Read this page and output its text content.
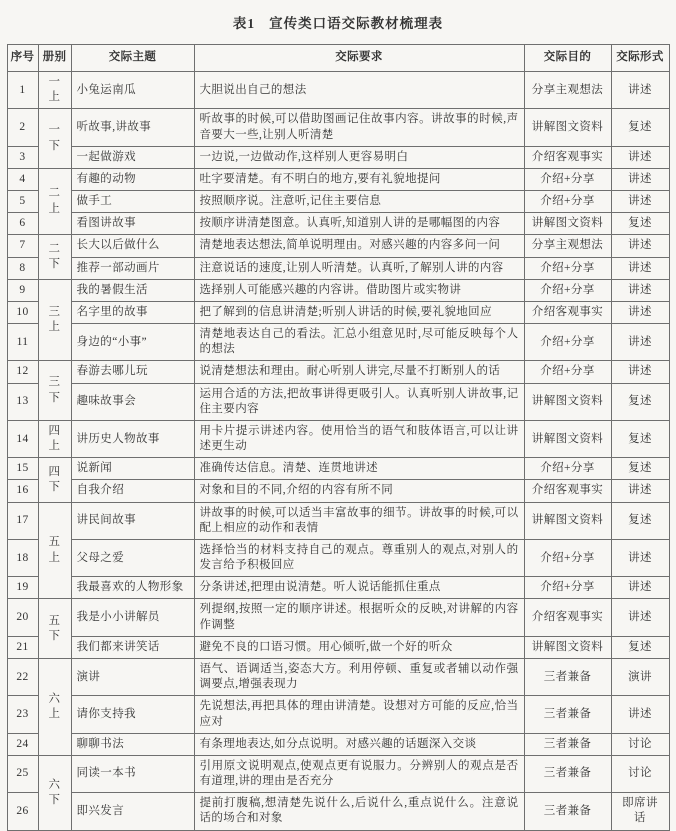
表1 宣传类口语交际教材梳理表
序号	册别	交际主题	交际要求	交际目的	交际形式
1	一上	小兔运南瓜	大胆说出自己的想法	分享主观想法	讲述
2	一下	听故事,讲故事	听故事的时候,可以借助图画记住故事内容。讲故事的时候,声音要大一些,让别人听清楚	讲解图文资料	复述
3		一起做游戏	一边说,一边做动作,这样别人更容易明白	介绍客观事实	讲述
4	二上	有趣的动物	吐字要清楚。有不明白的地方,要有礼貌地提问	介绍+分享	讲述
5		做手工	按照顺序说。注意听,记住主要信息	介绍+分享	讲述
6		看图讲故事	按顺序讲清楚图意。认真听,知道别人讲的是哪幅图的内容	讲解图文资料	复述
7	二下	长大以后做什么	清楚地表达想法,简单说明理由。对感兴趣的内容多问一问	分享主观想法	讲述
8		推荐一部动画片	注意说话的速度,让别人听清楚。认真听,了解别人讲的内容	介绍+分享	讲述
9	三上	我的暑假生活	选择别人可能感兴趣的内容讲。借助图片或实物讲	介绍+分享	讲述
10		名字里的故事	把了解到的信息讲清楚;听别人讲话的时候,要礼貌地回应	介绍客观事实	讲述
11		身边的“小事”	清楚地表达自己的看法。汇总小组意见时,尽可能反映每个人的想法	介绍+分享	讲述
12	三下	春游去哪儿玩	说清楚想法和理由。耐心听别人讲完,尽量不打断别人的话	介绍+分享	讲述
13		趣味故事会	运用合适的方法,把故事讲得更吸引人。认真听别人讲故事,记住主要内容	讲解图文资料	复述
14	四上	讲历史人物故事	用卡片提示讲述内容。使用恰当的语气和肢体语言,可以让讲述更生动	讲解图文资料	复述
15	四下	说新闻	准确传达信息。清楚、连贯地讲述	介绍+分享	复述
16		自我介绍	对象和目的不同,介绍的内容有所不同	介绍客观事实	讲述
17	五上	讲民间故事	讲故事的时候,可以适当丰富故事的细节。讲故事的时候,可以配上相应的动作和表情	讲解图文资料	复述
18		父母之爱	选择恰当的材料支持自己的观点。尊重别人的观点,对别人的发言给予积极回应	介绍+分享	讲述
19		我最喜欢的人物形象	分条讲述,把理由说清楚。听人说话能抓住重点	介绍+分享	讲述
20	五下	我是小小讲解员	列提纲,按照一定的顺序讲述。根据听众的反映,对讲解的内容作调整	介绍客观事实	讲述
21		我们都来讲笑话	避免不良的口语习惯。用心倾听,做一个好的听众	讲解图文资料	复述
22	六上	演讲	语气、语调适当,姿态大方。利用停顿、重复或者辅以动作强调要点,增强表现力	三者兼备	演讲
23		请你支持我	先说想法,再把具体的理由讲清楚。设想对方可能的反应,恰当应对	三者兼备	讲述
24		聊聊书法	有条理地表达,如分点说明。对感兴趣的话题深入交谈	三者兼备	讨论
25	六下	同读一本书	引用原文说明观点,使观点更有说服力。分辨别人的观点是否有道理,讲的理由是否充分	三者兼备	讨论
26		即兴发言	提前打腹稿,想清楚先说什么,后说什么,重点说什么。注意说话的场合和对象	三者兼备	即席讲话
